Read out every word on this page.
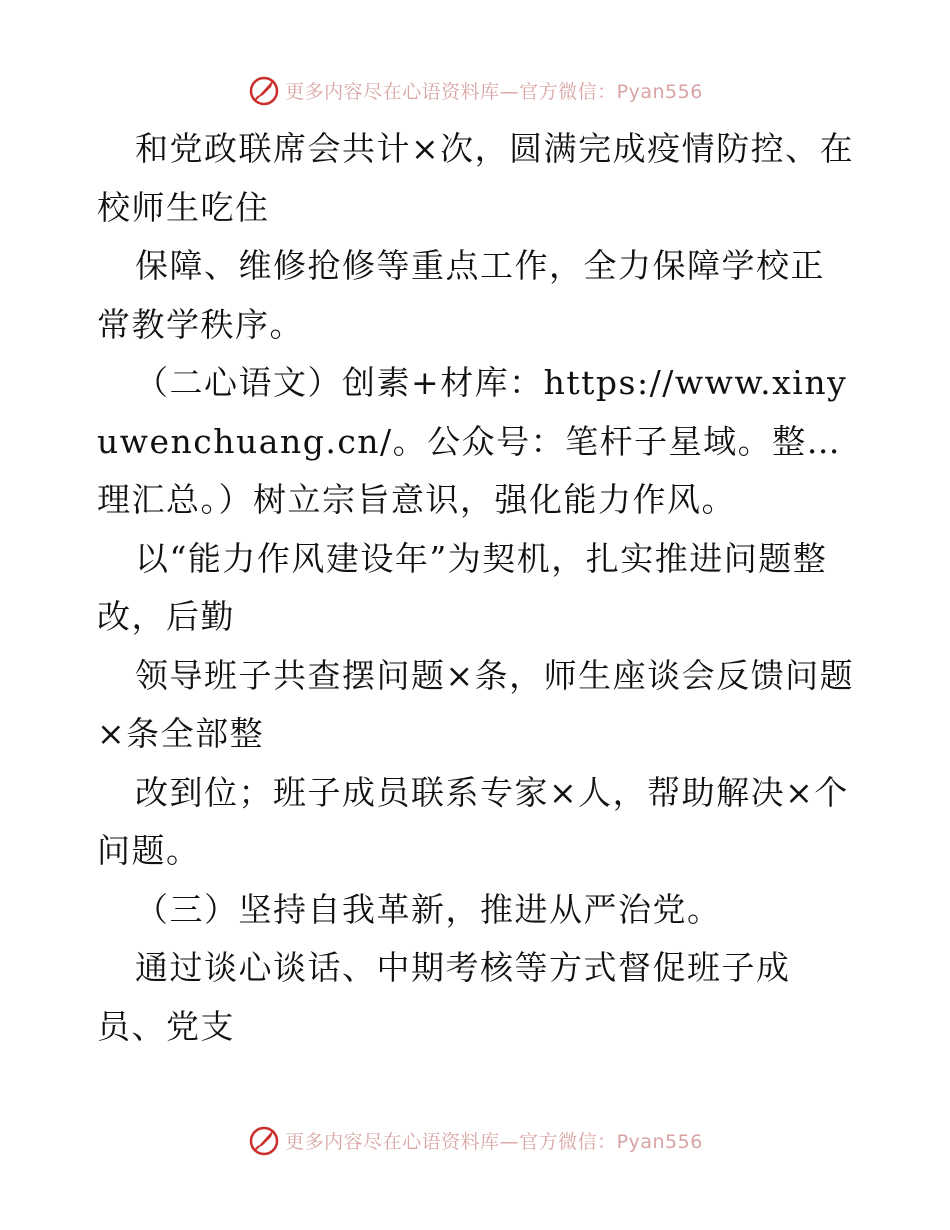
更多内容尽在心语资料库—官方微信：Pyan556

和党政联席会共计×次，圆满完成疫情防控、在校师生吃住

保障、维修抢修等重点工作，全力保障学校正常教学秩序。

（二心语文）创素+材库：https://www.xinyuwenchuang.cn/。公众号：笔杆子星域。整…理汇总。）树立宗旨意识，强化能力作风。

以“能力作风建设年”为契机，扎实推进问题整改，后勤

领导班子共查摆问题×条，师生座谈会反馈问题×条全部整

改到位；班子成员联系专家×人，帮助解决×个问题。

（三）坚持自我革新，推进从严治党。

通过谈心谈话、中期考核等方式督促班子成员、党支

更多内容尽在心语资料库—官方微信：Pyan556
